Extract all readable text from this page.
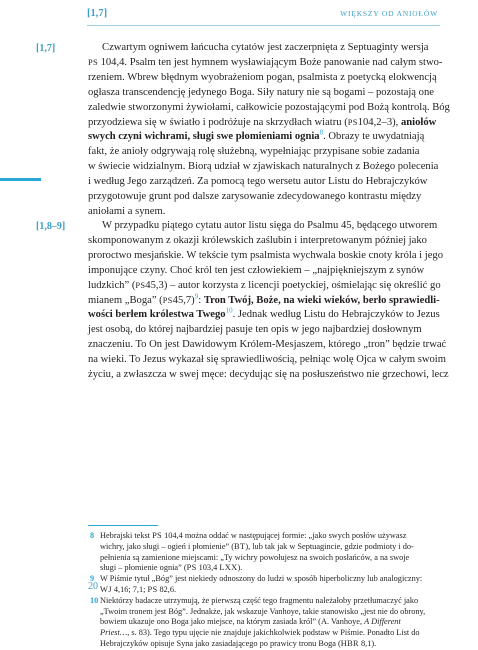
[1,7]	WIĘKSZY OD ANIOŁÓW
[1,7]	Czwartym ogniwem łańcucha cytatów jest zaczerpnięta z Septuaginty wersja
PS 104,4. Psalm ten jest hymnem wysławiającym Boże panowanie nad całym stwo-
rzeniem. Wbrew błędnym wyobrażeniom pogan, psalmista z poetycką elokwencją
ogłasza transcendencję jedynego Boga. Siły natury nie są bogami – pozostają one
zaledwie stworzonymi żywiołami, całkowicie pozostającymi pod Bożą kontrolą. Bóg
przyodziewa się w światło i podróżuje na skrzydłach wiatru (PS104,2–3), aniołów
swych czyni wichrami, sługi swe płomieniami ognia$^8$. Obrazy te uwydatniają
fakt, że anioły odgrywają rolę służebną, wypełniając przypisane sobie zadania
w świecie widzialnym. Biorą udział w zjawiskach naturalnych z Bożego polecenia
i według Jego zarządzeń. Za pomocą tego wersetu autor Listu do Hebrajczyków
przygotowuje grunt pod dalsze zarysowanie zdecydowanego kontrastu między
aniołami a synem.
[1,8–9]	W przypadku piątego cytatu autor listu sięga do Psalmu 45, będącego utworem
skomponowanym z okazji królewskich zaślubin i interpretowanym później jako
proroctwo mesjańskie. W tekście tym psalmista wychwala boskie cnoty króla i jego
imponujące czyny. Choć król ten jest człowiekiem – „najpiękniejszym z synów
ludzkich” (PS45,3) – autor korzysta z licencji poetyckiej, ośmielając się określić go
mianem „Boga” (PS45,7)$^9$: Tron Twój, Boże, na wieki wieków, berło sprawiedli-
wości berłem królestwa Twego$^{10}$. Jednak według Listu do Hebrajczyków to Jezus
jest osobą, do której najbardziej pasuje ten opis w jego najbardziej dosłownym
znaczeniu. To On jest Dawidowym Królem-Mesjaszem, którego „tron” będzie trwać
na wieki. To Jezus wykazał się sprawiedliwością, pełniąc wolę Ojca w całym swoim
życiu, a zwłaszcza w swej męce: decydując się na posłuszeństwo nie grzechowi, lecz
8 Hebrajski tekst PS 104,4 można oddać w następującej formie: „jako swych posłów używasz
wichry, jako sługi – ogień i płomienie” (BT), lub tak jak w Septuagincie, gdzie podmioty i do-
pełnienia są zamienione miejscami: „Ty wichry powołujesz na swoich posłańców, a na swoje
sługi – płomienie ognia” (PS 103,4 LXX).
9 W Piśmie tytuł „Bóg” jest niekiedy odnoszony do ludzi w sposób hiperboliczny lub analogiczny:
WJ 4,16; 7,1; PS 82,6.
10 Niektórzy badacze utrzymują, że pierwszą część tego fragmentu należałoby przetłumaczyć jako
„Twoim tronem jest Bóg”. Jednakże, jak wskazuje Vanhoye, takie stanowisko „jest nie do obrony,
bowiem ukazuje ono Boga jako miejsce, na którym zasiada król” (A. Vanhoye, A Different
Priest…, s. 83). Tego typu ujęcie nie znajduje jakichkolwiek podstaw w Piśmie. Ponadto List do
Hebrajczyków opisuje Syna jako zasiadającego po prawicy tronu Boga (HBR 8,1).
20
